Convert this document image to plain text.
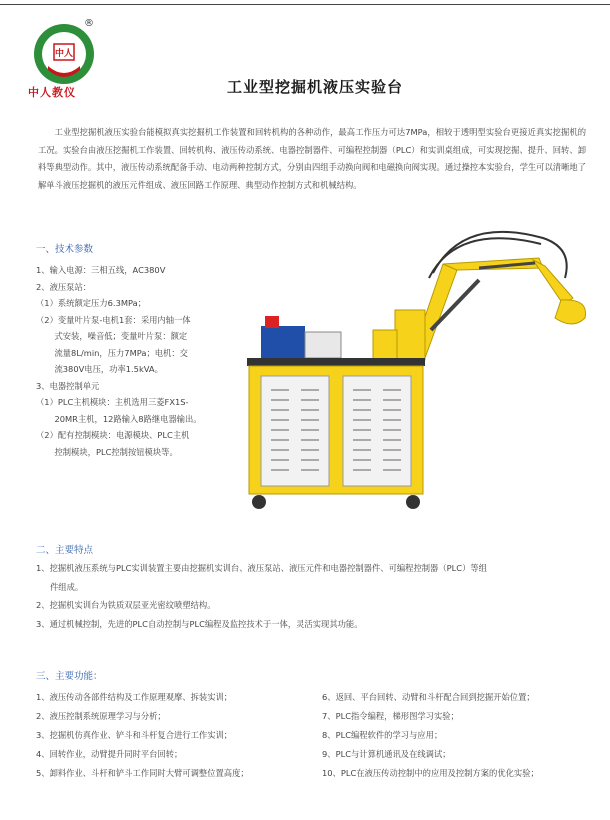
中人
®
中人教仪	工业型挖掘机液压实验台
工业型挖掘机液压实验台能模拟真实挖掘机工作装置和回转机构的各种动作，最高工作压力可达7MPa，相较于透明型实验台更接近真实挖掘机的工况。实验台由液压挖掘机工作装置、回转机构、液压传动系统、电器控制器件、可编程控制器（PLC）和实训桌组成，可实现挖掘、提升、回转、卸料等典型动作。其中，液压传动系统配备手动、电动两种控制方式，分别由四组手动换向阀和电磁换向阀实现。通过操控本实验台，学生可以清晰地了解单斗液压挖掘机的液压元件组成、液压回路工作原理、典型动作控制方式和机械结构。
一、技术参数
1、输入电源：三相五线，AC380V
2、液压泵站：
（1）系统额定压力6.3MPa；
（2）变量叶片泵-电机1套：采用内轴一体
式安装，噪音低；变量叶片泵：额定
流量8L/min，压力7MPa；电机：交
流380V电压，功率1.5kVA。
3、电器控制单元
（1）PLC主机模块：主机选用三菱FX1S-
20MR主机，12路输入8路继电器输出。
（2）配有控制模块：电源模块、PLC主机
控制模块，PLC控制按钮模块等。
二、主要特点
1、挖掘机液压系统与PLC实训装置主要由挖掘机实训台、液压泵站、液压元件和电器控制器件、可编程控制器（PLC）等组
件组成。
2、挖掘机实训台为铁质双层亚光密纹喷塑结构。
3、通过机械控制，先进的PLC自动控制与PLC编程及监控技术于一体，灵活实现其功能。
三、主要功能：
1、液压传动各部件结构及工作原理观摩、拆装实训；
2、液压控制系统原理学习与分析；
3、挖掘机仿真作业、铲斗和斗杆复合进行工作实训；
4、回转作业，动臂提升同时平台回转；
5、卸料作业、斗杆和铲斗工作同时大臂可调整位置高度；
6、返回、平台回转、动臂和斗杆配合回到挖掘开始位置；
7、PLC指令编程，梯形图学习实验；
8、PLC编程软件的学习与应用；
9、PLC与计算机通讯及在线调试；
10、PLC在液压传动控制中的应用及控制方案的优化实验；
